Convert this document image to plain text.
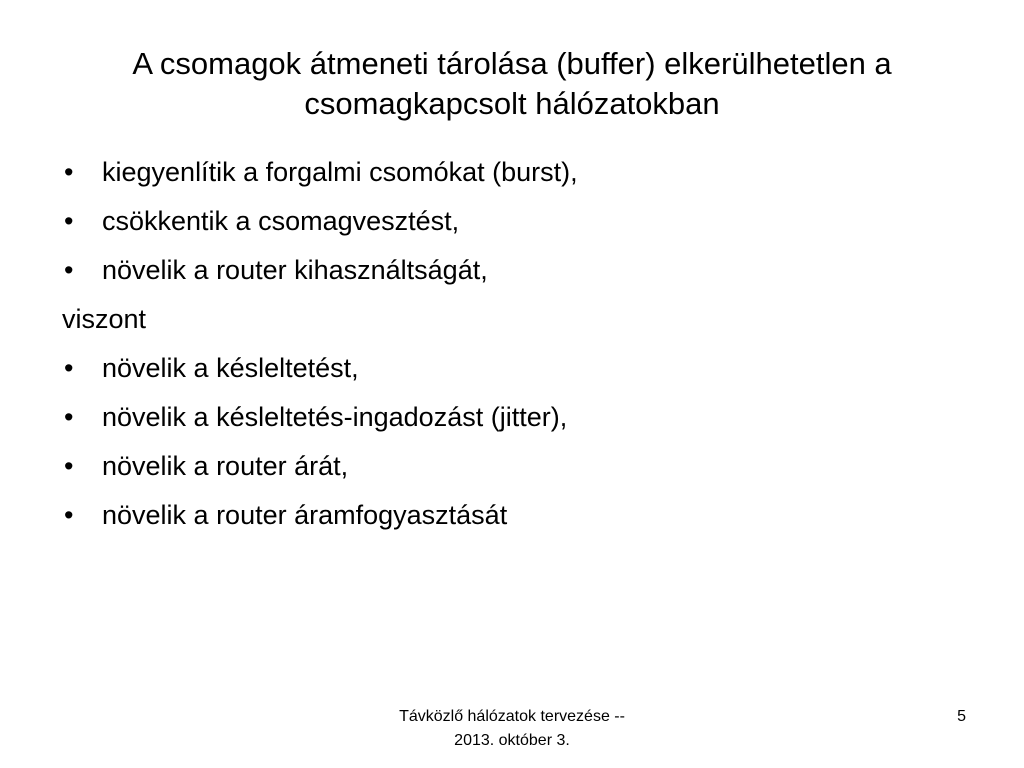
A csomagok átmeneti tárolása (buffer) elkerülhetetlen a
csomagkapcsolt hálózatokban
•	kiegyenlítik a forgalmi csomókat (burst),
•	csökkentik a csomagvesztést,
•	növelik a router kihasználtságát,
viszont
•	növelik a késleltetést,
•	növelik a késleltetés-ingadozást (jitter),
•	növelik a router árát,
•	növelik a router áramfogyasztását
Távközlő hálózatok tervezése --
2013. október 3.
5
